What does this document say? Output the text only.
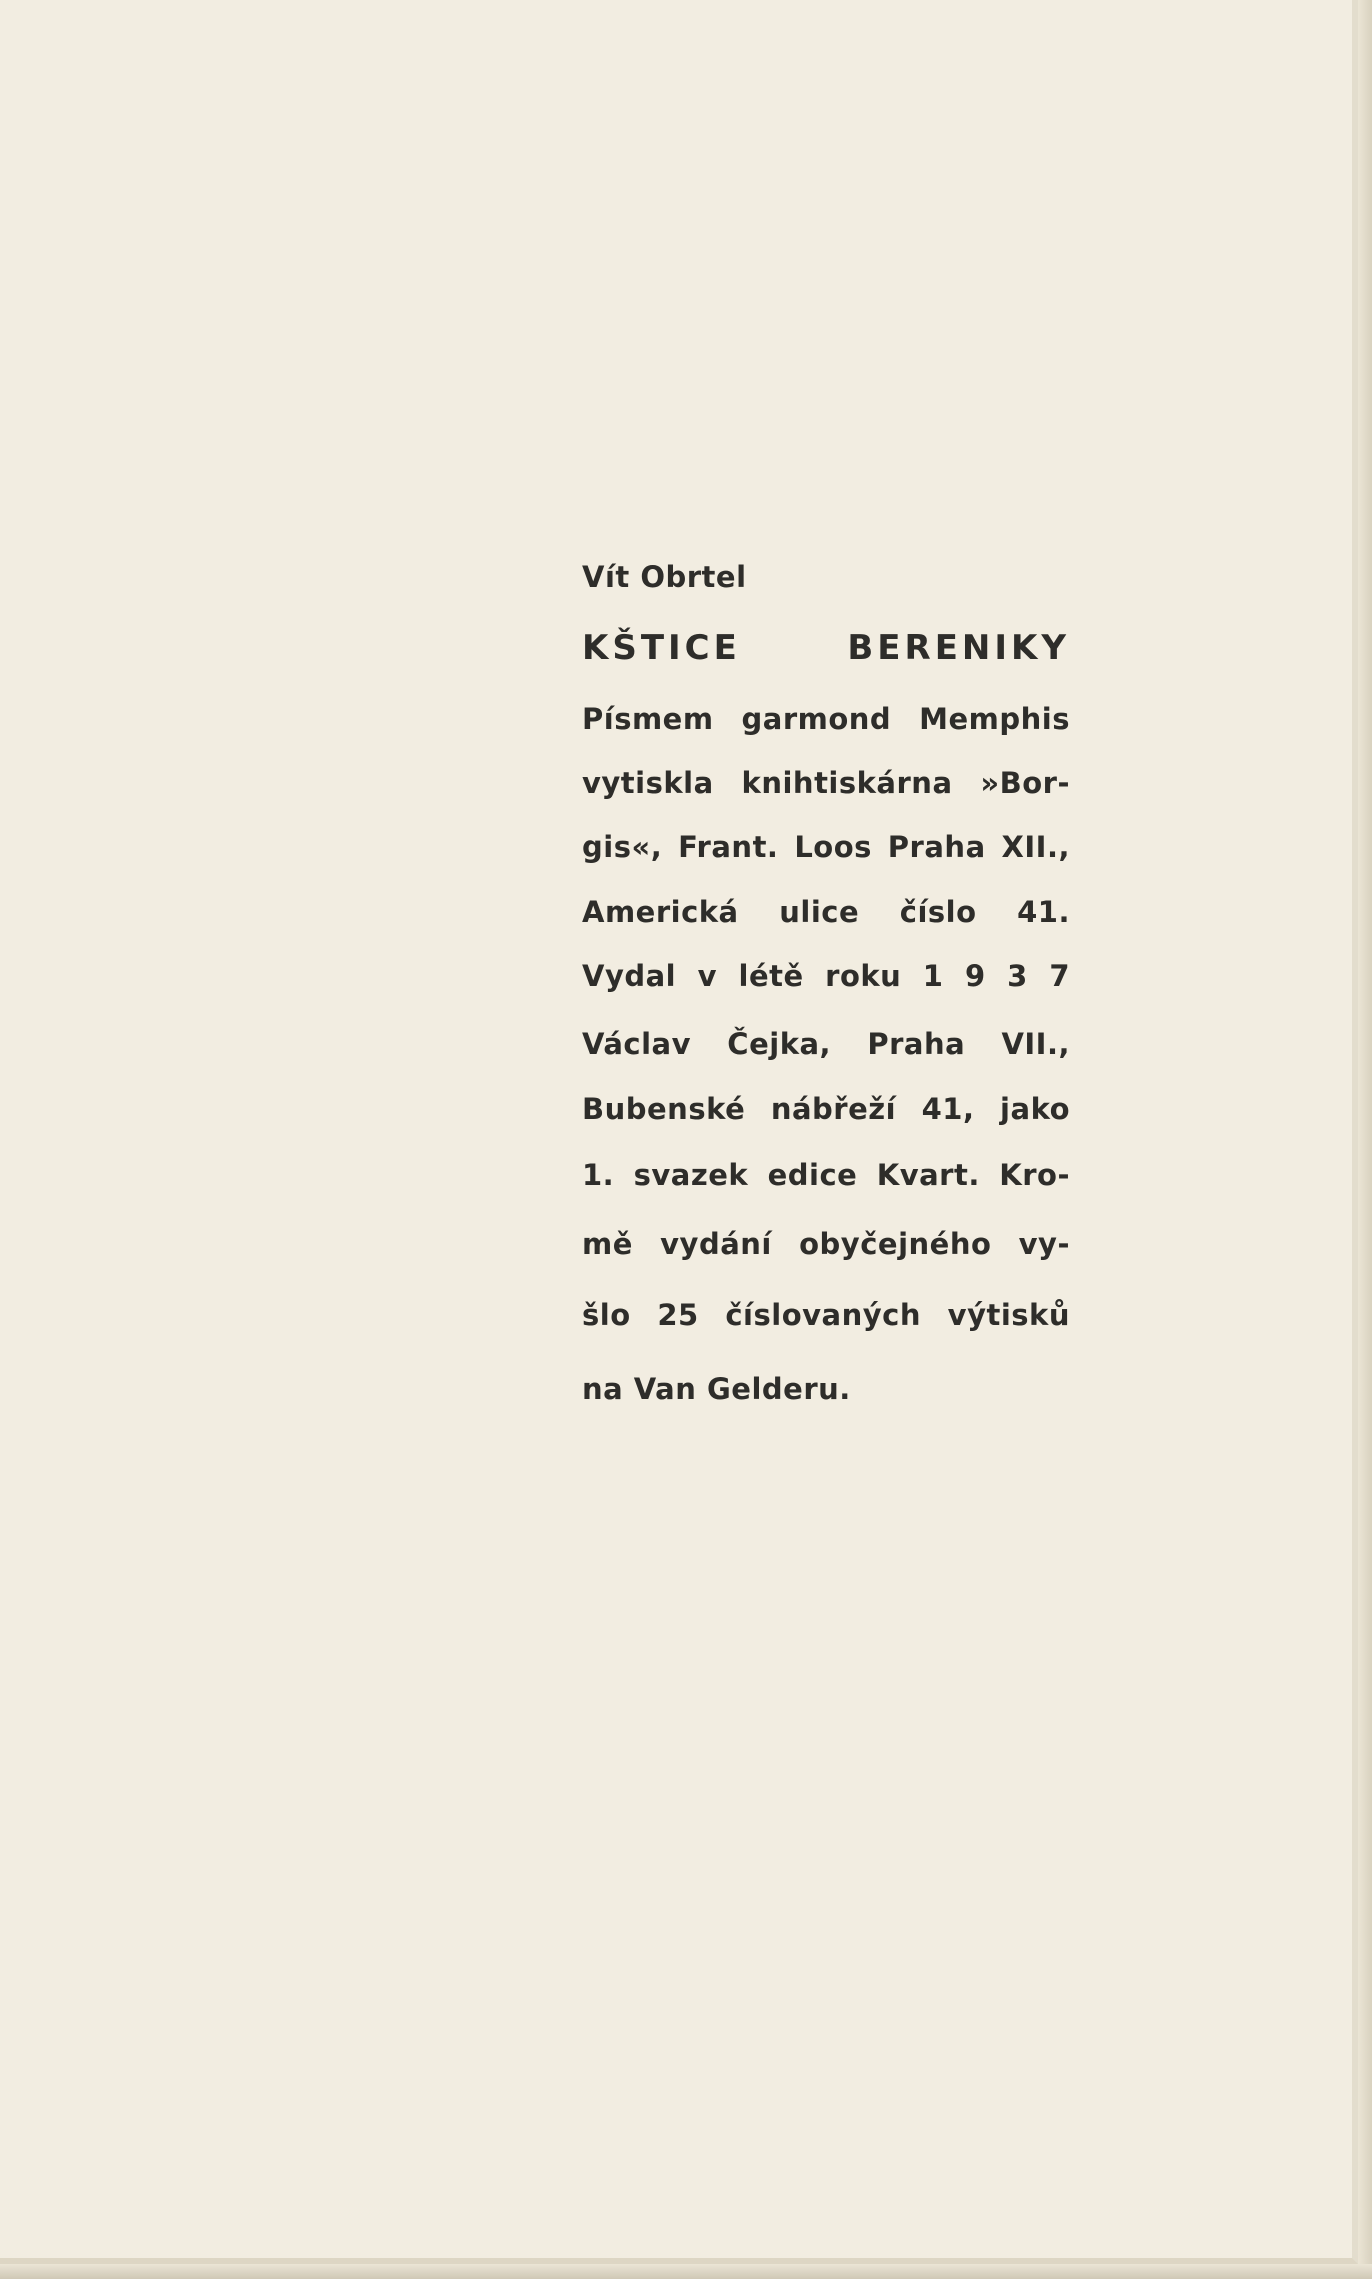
Vít Obrtel
KŠTICE BERENIKY
Písmem garmond Memphis
vytiskla knihtiskárna »Bor-
gis«, Frant. Loos Praha XII.,
Americká ulice číslo 41.
Vydal v létě roku 1 9 3 7
Václav Čejka, Praha VII.,
Bubenské nábřeží 41, jako
1. svazek edice Kvart. Kro-
mě vydání obyčejného vy-
šlo 25 číslovaných výtisků
na Van Gelderu.
